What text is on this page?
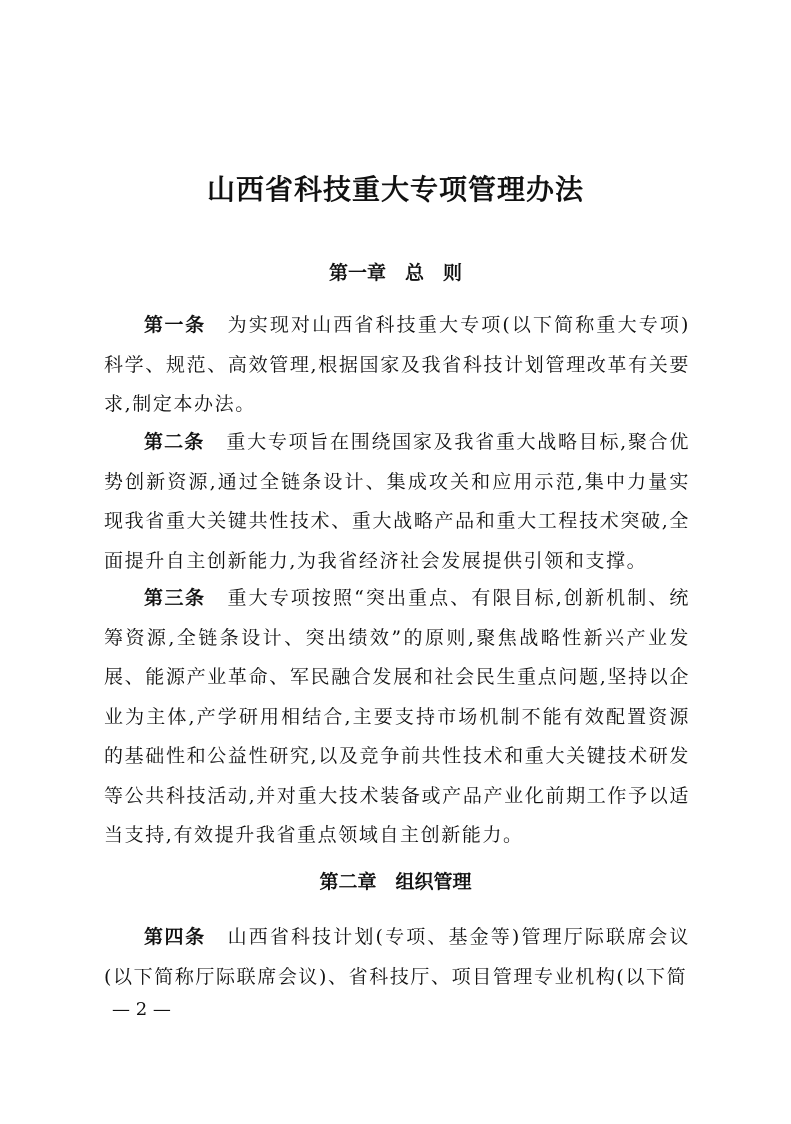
山西省科技重大专项管理办法
第一章　总　则

第一条 为实现对山西省科技重大专项(以下简称重大专项)科学、规范、高效管理,根据国家及我省科技计划管理改革有关要求,制定本办法。

第二条 重大专项旨在围绕国家及我省重大战略目标,聚合优势创新资源,通过全链条设计、集成攻关和应用示范,集中力量实现我省重大关键共性技术、重大战略产品和重大工程技术突破,全面提升自主创新能力,为我省经济社会发展提供引领和支撑。

第三条 重大专项按照“突出重点、有限目标,创新机制、统筹资源,全链条设计、突出绩效”的原则,聚焦战略性新兴产业发展、能源产业革命、军民融合发展和社会民生重点问题,坚持以企业为主体,产学研用相结合,主要支持市场机制不能有效配置资源的基础性和公益性研究,以及竞争前共性技术和重大关键技术研发等公共科技活动,并对重大技术装备或产品产业化前期工作予以适当支持,有效提升我省重点领域自主创新能力。

第二章　组织管理

第四条 山西省科技计划(专项、基金等)管理厅际联席会议(以下简称厅际联席会议)、省科技厅、项目管理专业机构(以下简

— 2 —
